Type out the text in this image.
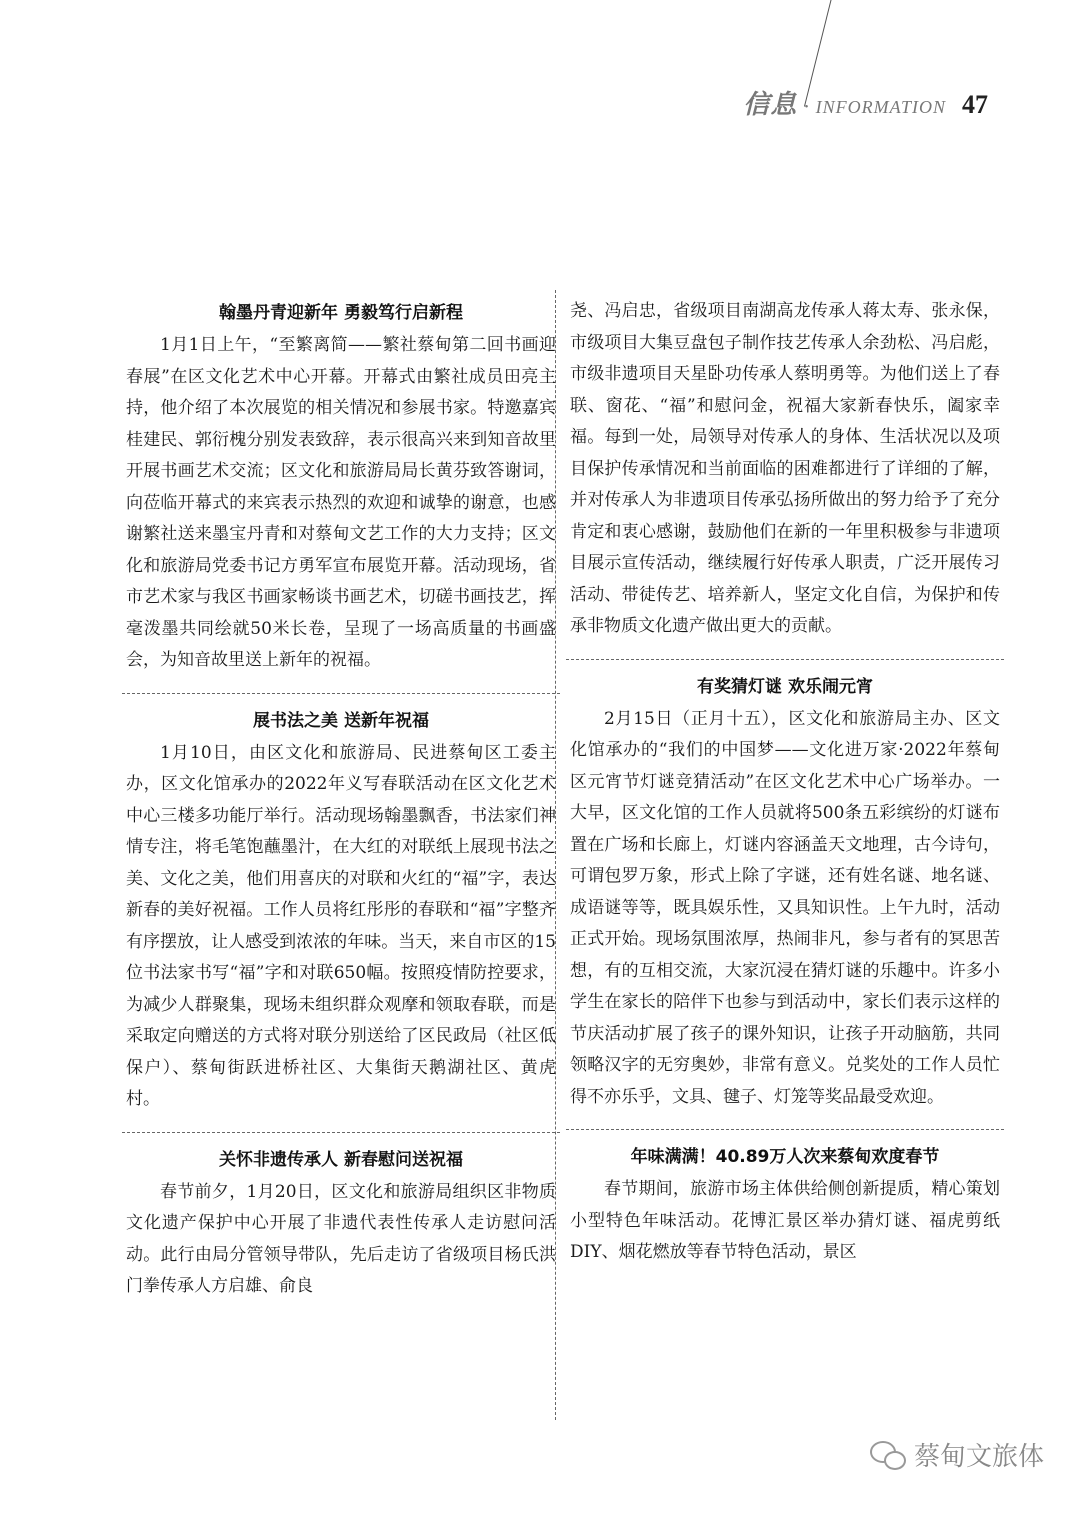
信息 · INFORMATION 47
翰墨丹青迎新年 勇毅笃行启新程

1月1日上午，“至繁离简——繁社蔡甸第二回书画迎春展”在区文化艺术中心开幕。开幕式由繁社成员田亮主持，他介绍了本次展览的相关情况和参展书家。特邀嘉宾桂建民、郭衍槐分别发表致辞，表示很高兴来到知音故里开展书画艺术交流；区文化和旅游局局长黄芬致答谢词，向莅临开幕式的来宾表示热烈的欢迎和诚挚的谢意，也感谢繁社送来墨宝丹青和对蔡甸文艺工作的大力支持；区文化和旅游局党委书记方勇军宣布展览开幕。活动现场，省市艺术家与我区书画家畅谈书画艺术，切磋书画技艺，挥毫泼墨共同绘就50米长卷，呈现了一场高质量的书画盛会，为知音故里送上新年的祝福。

展书法之美 送新年祝福

1月10日，由区文化和旅游局、民进蔡甸区工委主办，区文化馆承办的2022年义写春联活动在区文化艺术中心三楼多功能厅举行。活动现场翰墨飘香，书法家们神情专注，将毛笔饱蘸墨汁，在大红的对联纸上展现书法之美、文化之美，他们用喜庆的对联和火红的“福”字，表达新春的美好祝福。工作人员将红彤彤的春联和“福”字整齐有序摆放，让人感受到浓浓的年味。当天，来自市区的15位书法家书写“福”字和对联650幅。按照疫情防控要求，为减少人群聚集，现场未组织群众观摩和领取春联，而是采取定向赠送的方式将对联分别送给了区民政局（社区低保户）、蔡甸街跃进桥社区、大集街天鹅湖社区、黄虎村。

关怀非遗传承人 新春慰问送祝福

春节前夕，1月20日，区文化和旅游局组织区非物质文化遗产保护中心开展了非遗代表性传承人走访慰问活动。此行由局分管领导带队，先后走访了省级项目杨氏洪门拳传承人方启雄、俞良

尧、冯启忠，省级项目南湖高龙传承人蒋太寿、张永保，市级项目大集豆盘包子制作技艺传承人余劲松、冯启彪，市级非遗项目天星卧功传承人蔡明勇等。为他们送上了春联、窗花、“福”和慰问金，祝福大家新春快乐，阖家幸福。每到一处，局领导对传承人的身体、生活状况以及项目保护传承情况和当前面临的困难都进行了详细的了解，并对传承人为非遗项目传承弘扬所做出的努力给予了充分肯定和衷心感谢，鼓励他们在新的一年里积极参与非遗项目展示宣传活动，继续履行好传承人职责，广泛开展传习活动、带徒传艺、培养新人，坚定文化自信，为保护和传承非物质文化遗产做出更大的贡献。

有奖猜灯谜 欢乐闹元宵

2月15日（正月十五），区文化和旅游局主办、区文化馆承办的“我们的中国梦——文化进万家·2022年蔡甸区元宵节灯谜竞猜活动”在区文化艺术中心广场举办。一大早，区文化馆的工作人员就将500条五彩缤纷的灯谜布置在广场和长廊上，灯谜内容涵盖天文地理，古今诗句，可谓包罗万象，形式上除了字谜，还有姓名谜、地名谜、成语谜等等，既具娱乐性，又具知识性。上午九时，活动正式开始。现场氛围浓厚，热闹非凡，参与者有的冥思苦想，有的互相交流，大家沉浸在猜灯谜的乐趣中。许多小学生在家长的陪伴下也参与到活动中，家长们表示这样的节庆活动扩展了孩子的课外知识，让孩子开动脑筋，共同领略汉字的无穷奥妙，非常有意义。兑奖处的工作人员忙得不亦乐乎，文具、毽子、灯笼等奖品最受欢迎。

年味满满！40.89万人次来蔡甸欢度春节

春节期间，旅游市场主体供给侧创新提质，精心策划小型特色年味活动。花博汇景区举办猜灯谜、福虎剪纸DIY、烟花燃放等春节特色活动，景区

蔡甸文旅体
